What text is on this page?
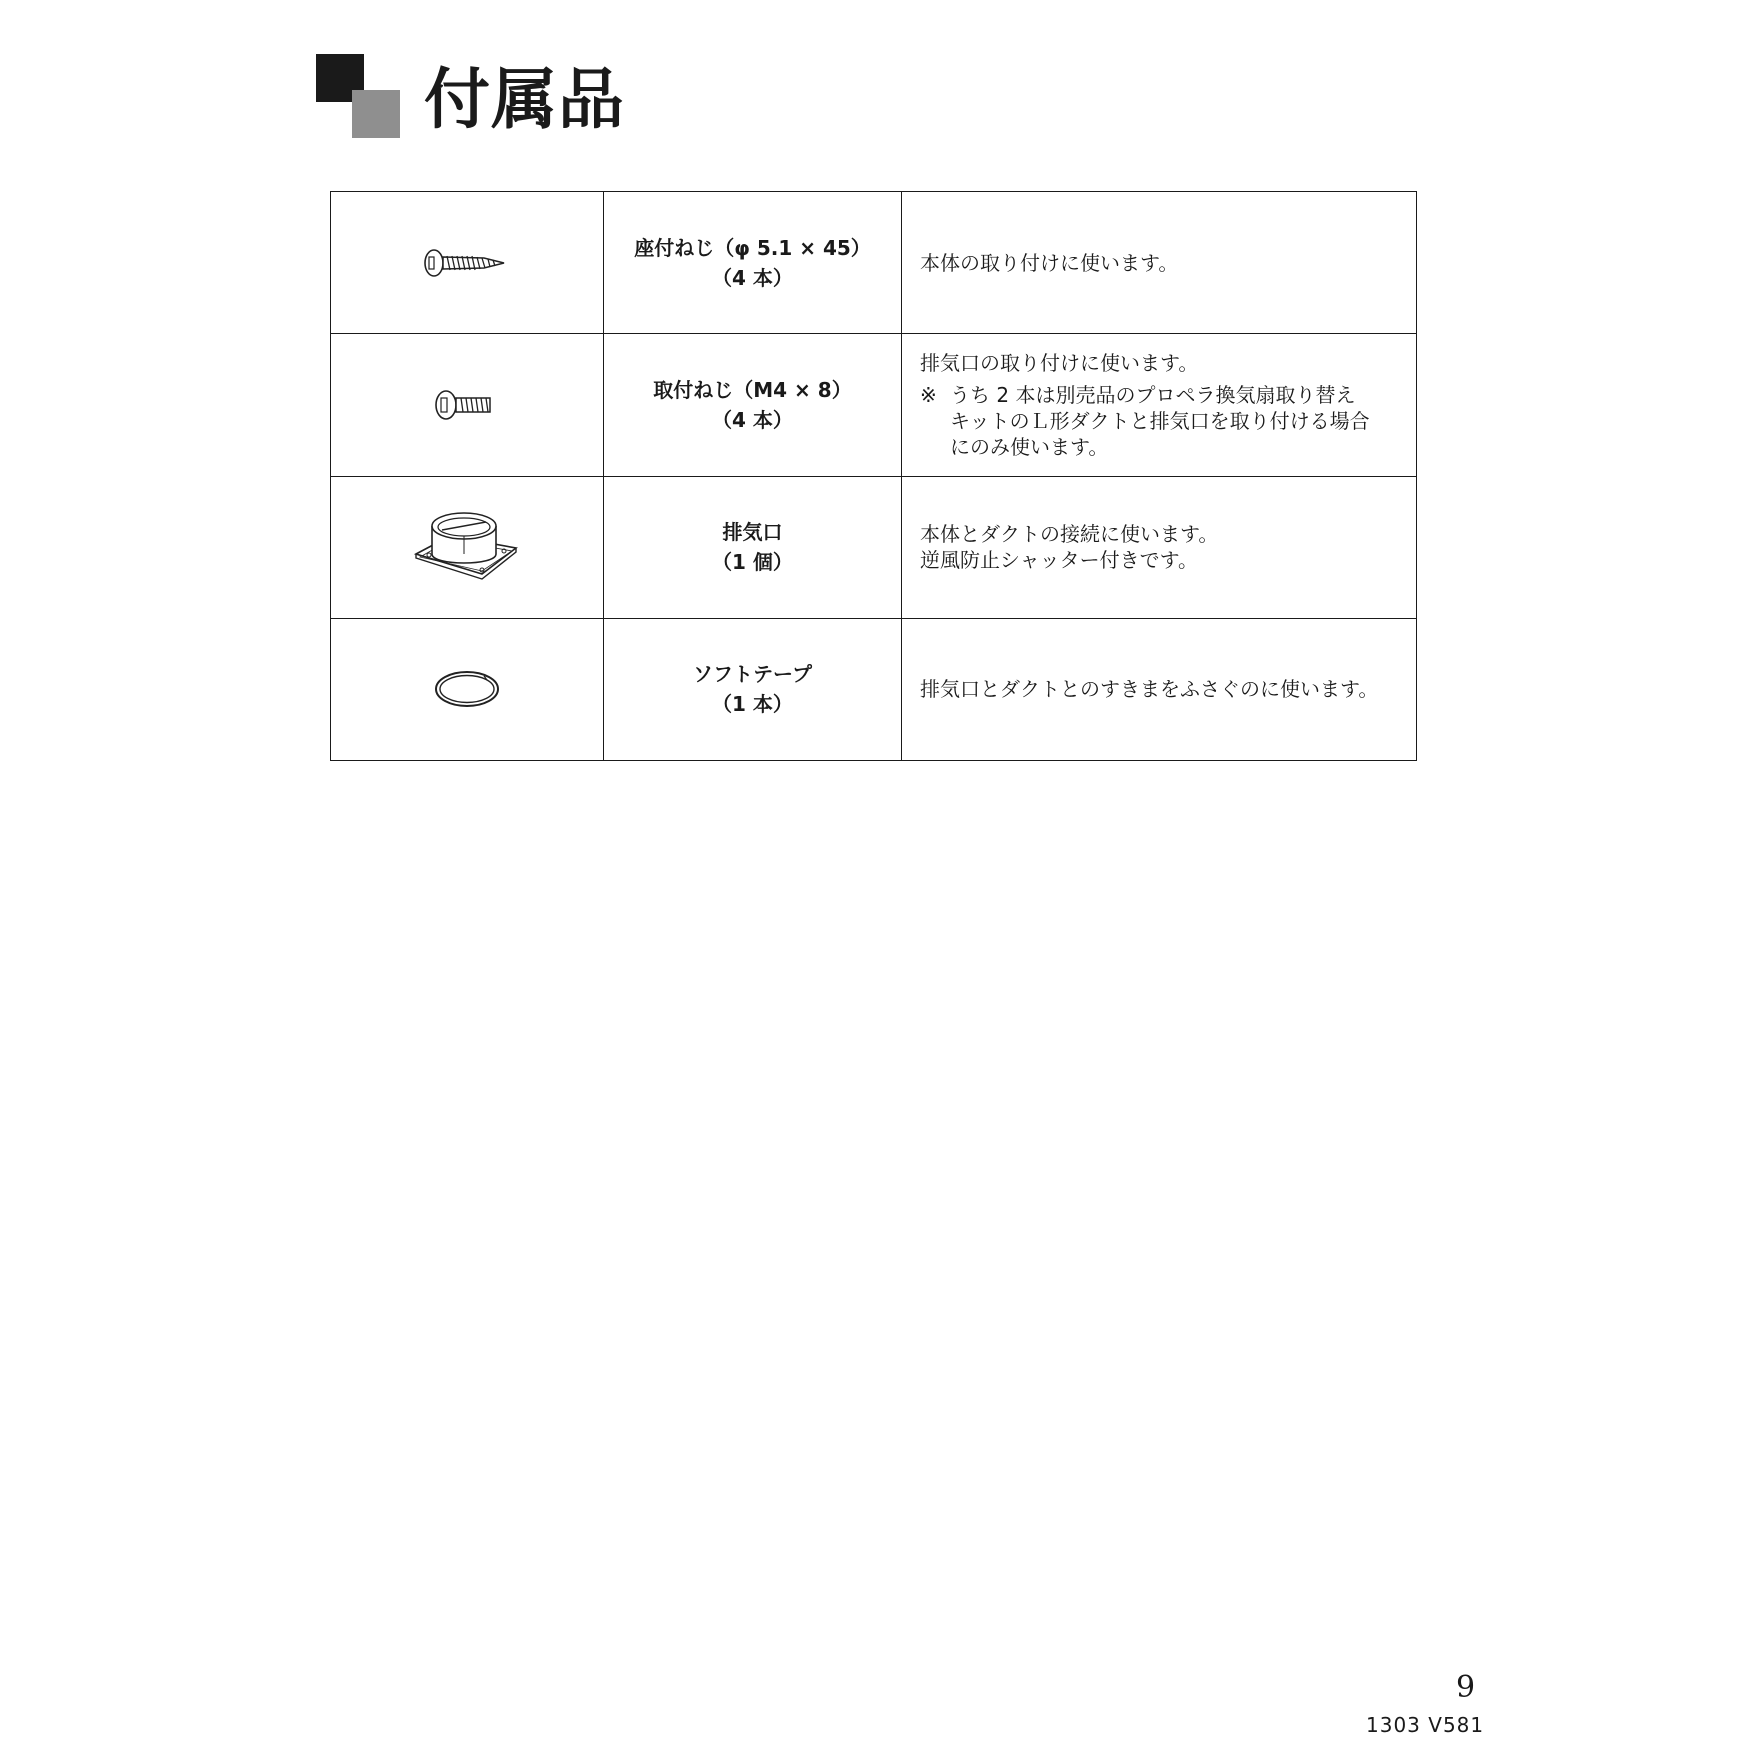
付属品

座付ねじ（φ 5.1 × 45）
（4 本）	本体の取り付けに使います。

取付ねじ（M4 × 8）
（4 本）	排気口の取り付けに使います。
※ うち 2 本は別売品のプロペラ換気扇取り替え
キットのＬ形ダクトと排気口を取り付ける場合
にのみ使います。

排気口
（1 個）	本体とダクトの接続に使います。
逆風防止シャッター付きです。

ソフトテープ
（1 本）	排気口とダクトとのすきまをふさぐのに使います。
9
1303 V581
